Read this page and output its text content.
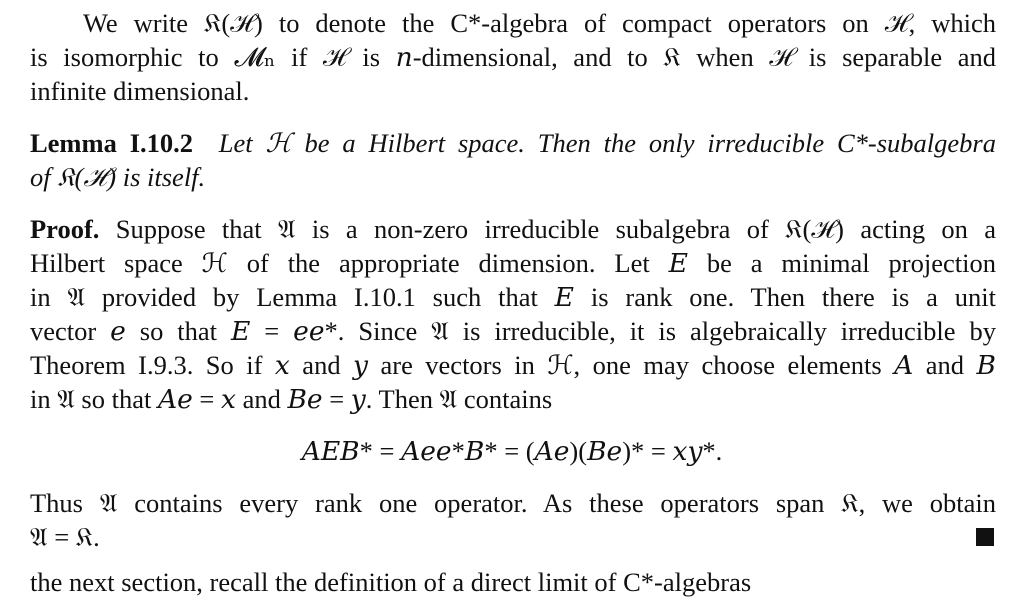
We write 𝔎(ℋ) to denote the C*-algebra of compact operators on ℋ, which
is isomorphic to 𝓜ₙ if ℋ is 𝑛-dimensional, and to 𝔎 when ℋ is separable and
infinite dimensional.
Lemma I.10.2 Let ℋ be a Hilbert space. Then the only irreducible C*-subalgebra
of 𝔎(ℋ) is itself.
Proof. Suppose that 𝔄 is a non-zero irreducible subalgebra of 𝔎(ℋ) acting on a
Hilbert space ℋ of the appropriate dimension. Let 𝐸 be a minimal projection
in 𝔄 provided by Lemma I.10.1 such that 𝐸 is rank one. Then there is a unit
vector 𝑒 so that 𝐸 = 𝑒𝑒*. Since 𝔄 is irreducible, it is algebraically irreducible by
Theorem I.9.3. So if 𝑥 and 𝑦 are vectors in ℋ, one may choose elements 𝐴 and 𝐵
in 𝔄 so that 𝐴𝑒 = 𝑥 and 𝐵𝑒 = 𝑦. Then 𝔄 contains
𝐴𝐸𝐵* = 𝐴𝑒𝑒*𝐵* = (𝐴𝑒)(𝐵𝑒)* = 𝑥𝑦*.
Thus 𝔄 contains every rank one operator. As these operators span 𝔎, we obtain
𝔄 = 𝔎.
the next section, recall the definition of a direct limit of C*-algebras
